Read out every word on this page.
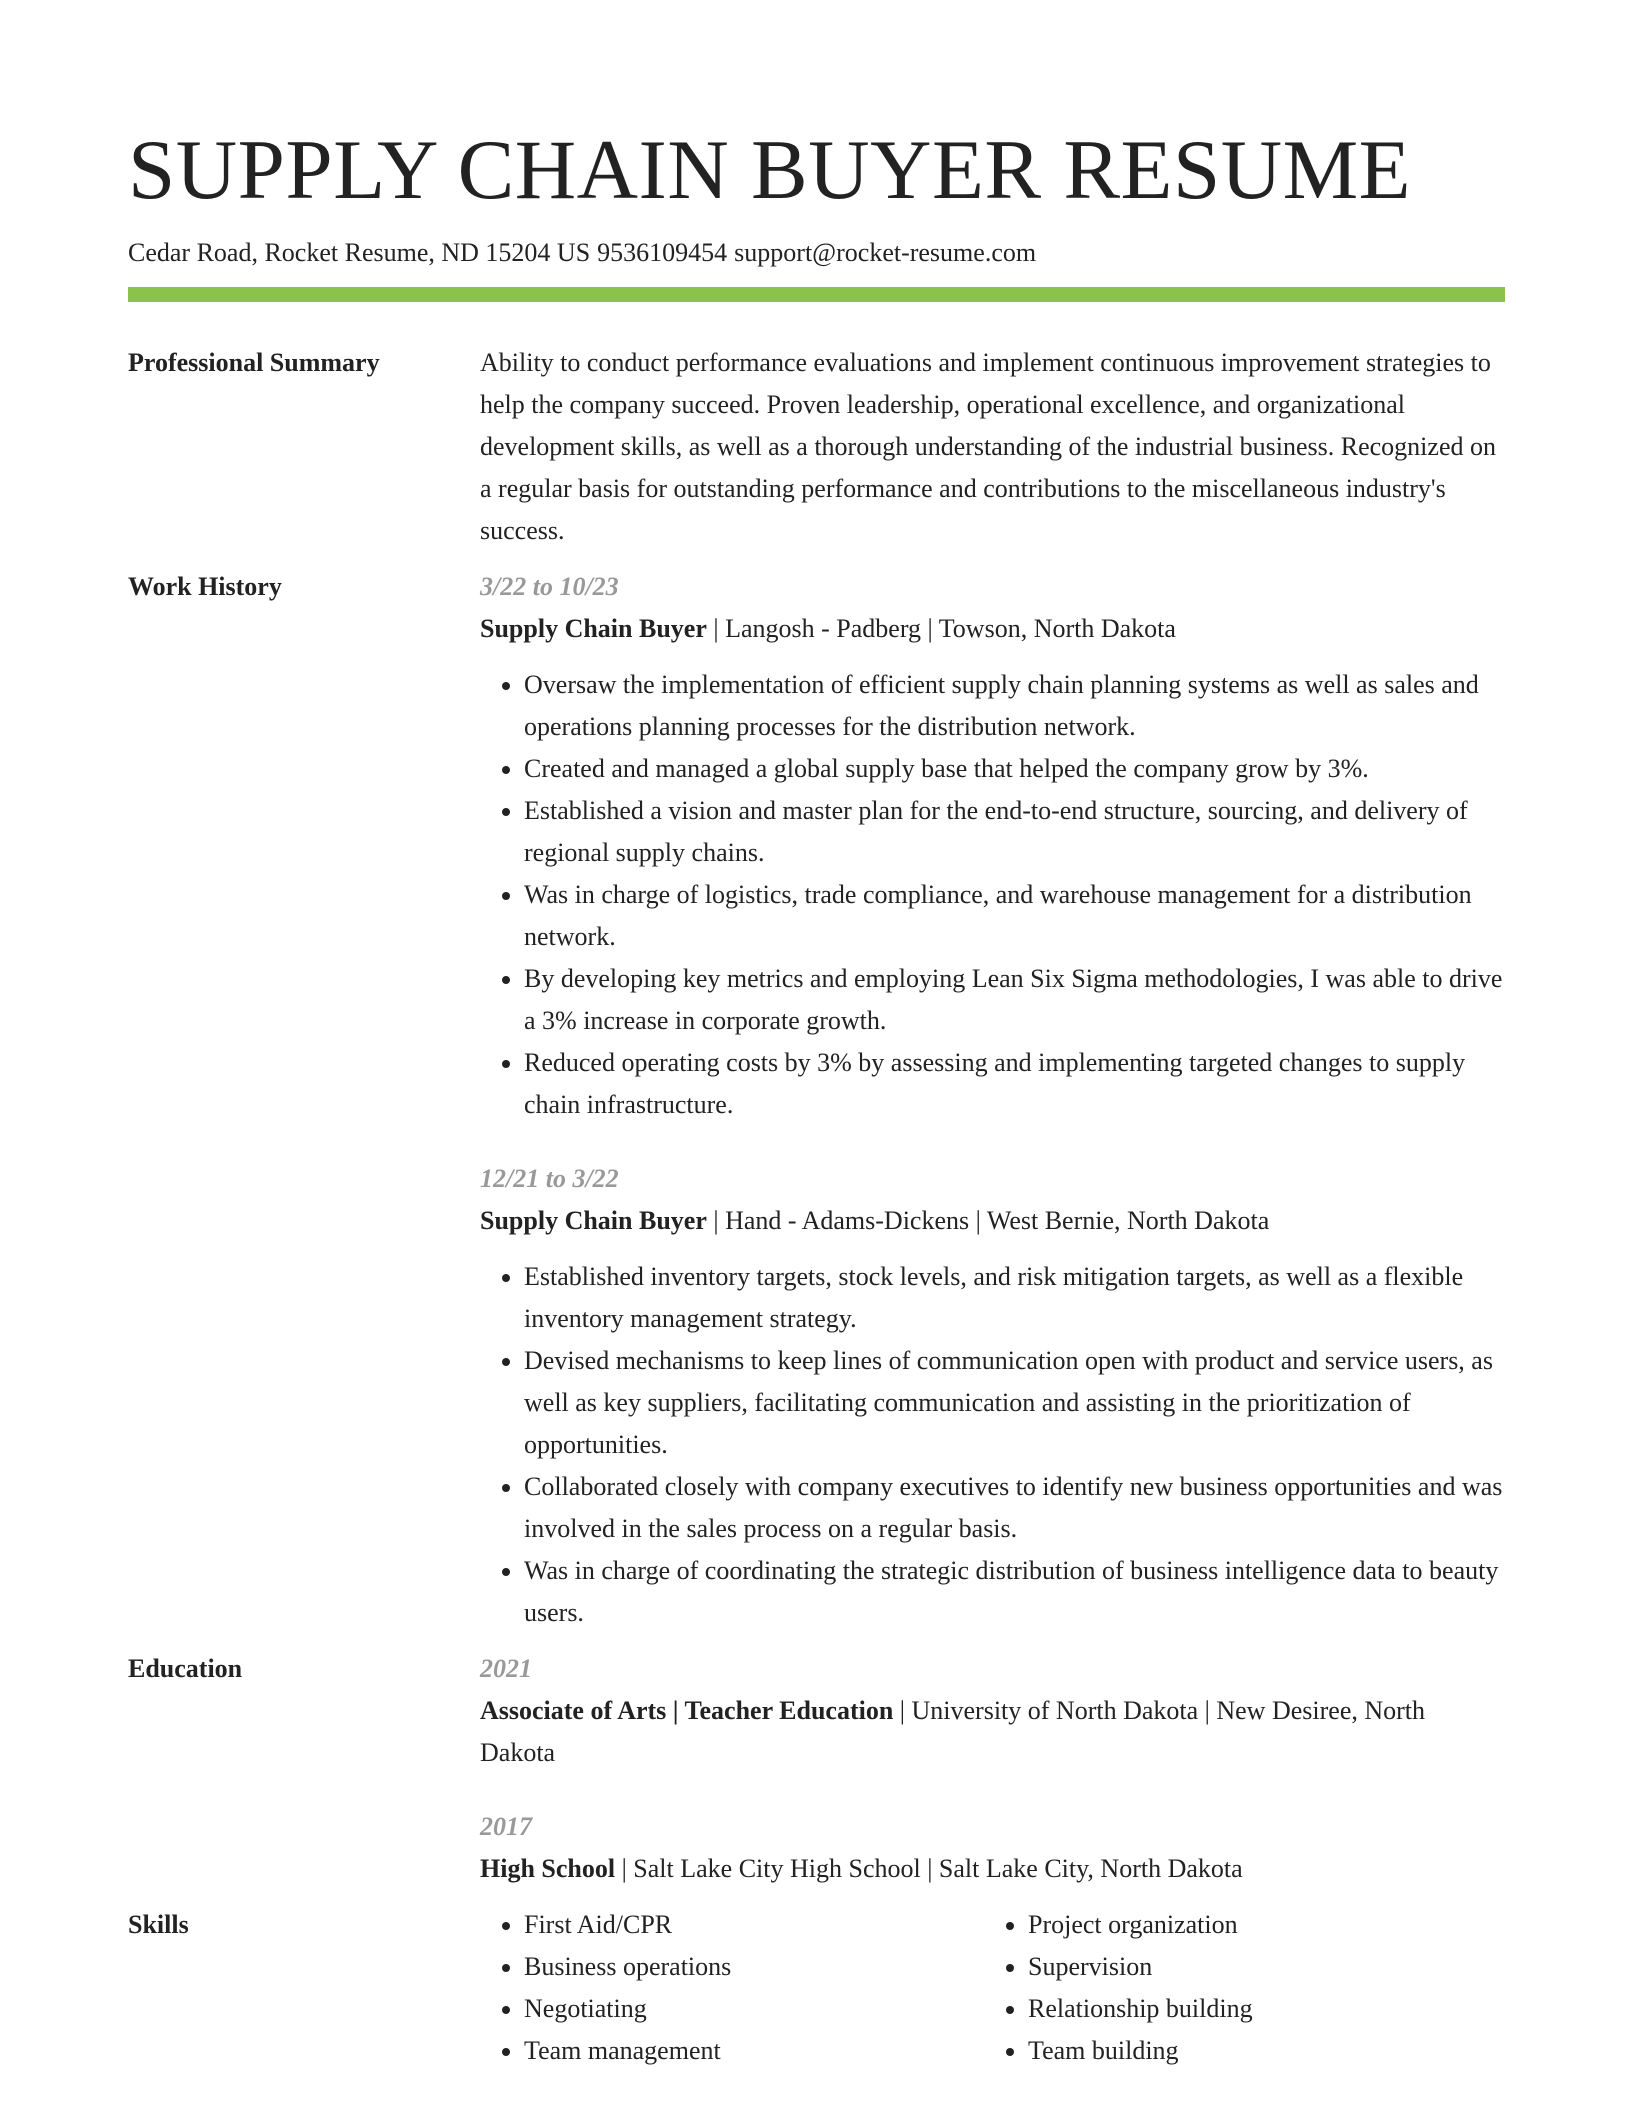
SUPPLY CHAIN BUYER RESUME
Cedar Road, Rocket Resume, ND 15204 US 9536109454 support@rocket-resume.com
Professional Summary	Ability to conduct performance evaluations and implement continuous improvement strategies to help the company succeed. Proven leadership, operational excellence, and organizational development skills, as well as a thorough understanding of the industrial business. Recognized on a regular basis for outstanding performance and contributions to the miscellaneous industry's success.

Work History	3/22 to 10/23
Supply Chain Buyer | Langosh - Padberg | Towson, North Dakota
• Oversaw the implementation of efficient supply chain planning systems as well as sales and operations planning processes for the distribution network.
• Created and managed a global supply base that helped the company grow by 3%.
• Established a vision and master plan for the end-to-end structure, sourcing, and delivery of regional supply chains.
• Was in charge of logistics, trade compliance, and warehouse management for a distribution network.
• By developing key metrics and employing Lean Six Sigma methodologies, I was able to drive a 3% increase in corporate growth.
• Reduced operating costs by 3% by assessing and implementing targeted changes to supply chain infrastructure.
12/21 to 3/22
Supply Chain Buyer | Hand - Adams-Dickens | West Bernie, North Dakota
• Established inventory targets, stock levels, and risk mitigation targets, as well as a flexible inventory management strategy.
• Devised mechanisms to keep lines of communication open with product and service users, as well as key suppliers, facilitating communication and assisting in the prioritization of opportunities.
• Collaborated closely with company executives to identify new business opportunities and was involved in the sales process on a regular basis.
• Was in charge of coordinating the strategic distribution of business intelligence data to beauty users.
Education	2021
Associate of Arts | Teacher Education | University of North Dakota | New Desiree, North Dakota
2017
High School | Salt Lake City High School | Salt Lake City, North Dakota
Skills
•	First Aid/CPR
• Business operations
• Negotiating
• Team management
• Project organization
• Supervision
• Relationship building
• Team building
